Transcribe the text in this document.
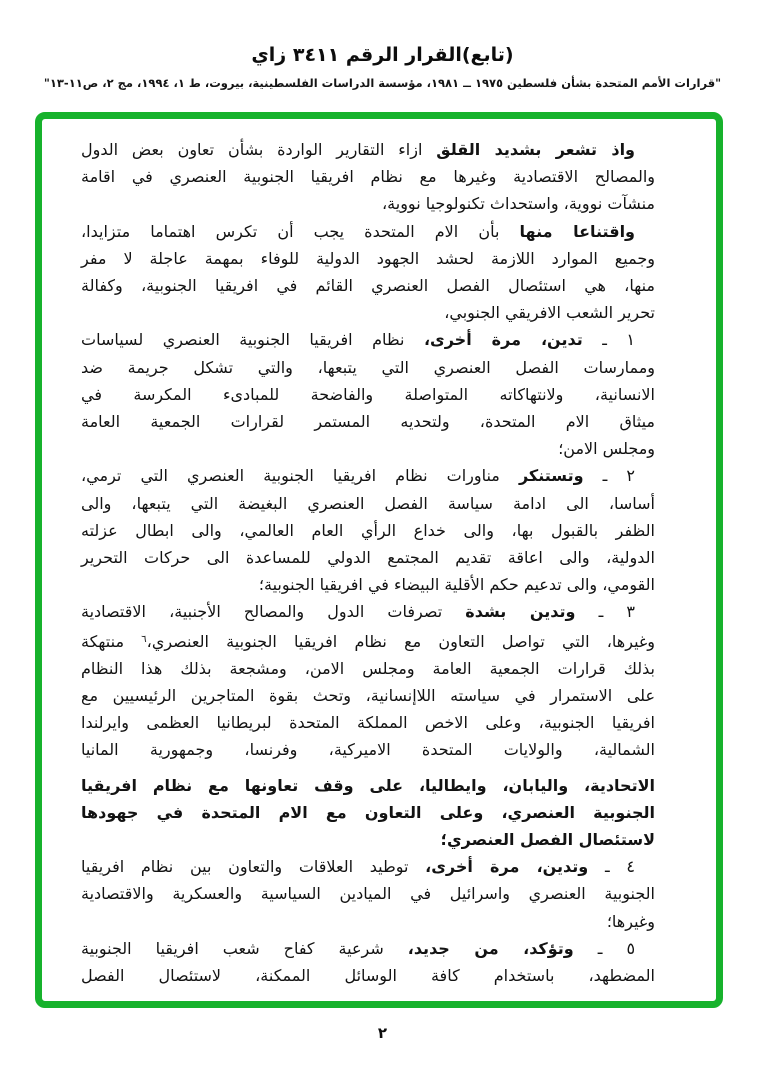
(تابع)القرار الرقم ٣٤١١ زاي
"قرارات الأمم المتحدة بشأن فلسطين ١٩٧٥ ــ ١٩٨١، مؤسسة الدراسات الفلسطينية، بيروت، ط ١، ١٩٩٤، مج ٢، ص١١-١٣"
واذ تشعر بشديد القلق ازاء التقارير الواردة بشأن تعاون بعض الدول
والمصالح الاقتصادية وغيرها مع نظام افريقيا الجنوبية العنصري في اقامة
منشآت نووية، واستحداث تكنولوجيا نووية،
واقتناعا منها بأن الام المتحدة يجب أن تكرس اهتماما متزايدا،
وجميع الموارد اللازمة لحشد الجهود الدولية للوفاء بمهمة عاجلة لا مفر
منها، هي استئصال الفصل العنصري القائم في افريقيا الجنوبية، وكفالة
تحرير الشعب الافريقي الجنوبي،
١ ـ تدين، مرة أخرى، نظام افريقيا الجنوبية العنصري لسياسات
وممارسات الفصل العنصري التي يتبعها، والتي تشكل جريمة ضد
الانسانية، ولانتهاكاته المتواصلة والفاضحة للمبادىء المكرسة في
ميثاق الام المتحدة، ولتحديه المستمر لقرارات الجمعية العامة
ومجلس الامن؛
٢ ـ وتستنكر مناورات نظام افريقيا الجنوبية العنصري التي ترمي،
أساسا، الى ادامة سياسة الفصل العنصري البغيضة التي يتبعها، والى
الظفر بالقبول بها، والى خداع الرأي العام العالمي، والى ابطال عزلته
الدولية، والى اعاقة تقديم المجتمع الدولي للمساعدة الى حركات التحرير
القومي، والى تدعيم حكم الأقلية البيضاء في افريقيا الجنوبية؛
٣ ـ وتدين بشدة تصرفات الدول والمصالح الأجنبية، الاقتصادية
وغيرها، التي تواصل التعاون مع نظام افريقيا الجنوبية العنصري،$^٦$ منتهكة
بذلك قرارات الجمعية العامة ومجلس الامن، ومشجعة بذلك هذا النظام
على الاستمرار في سياسته اللاإنسانية، وتحث بقوة المتاجرين الرئيسيين مع
افريقيا الجنوبية، وعلى الاخص المملكة المتحدة لبريطانيا العظمى وايرلندا
الشمالية، والولايات المتحدة الاميركية، وفرنسا، وجمهورية المانيا
الاتحادية، واليابان، وايطاليا، على وقف تعاونها مع نظام افريقيا
الجنوبية العنصري، وعلى التعاون مع الام المتحدة في جهودها
لاستئصال الفصل العنصري؛
٤ ـ وتدين، مرة أخرى، توطيد العلاقات والتعاون بين نظام افريقيا
الجنوبية العنصري واسرائيل في الميادين السياسية والعسكرية والاقتصادية
وغيرها؛
٥ ـ وتؤكد، من جديد، شرعية كفاح شعب افريقيا الجنوبية
المضطهد، باستخدام كافة الوسائل الممكنة، لاستئصال الفصل
٢
